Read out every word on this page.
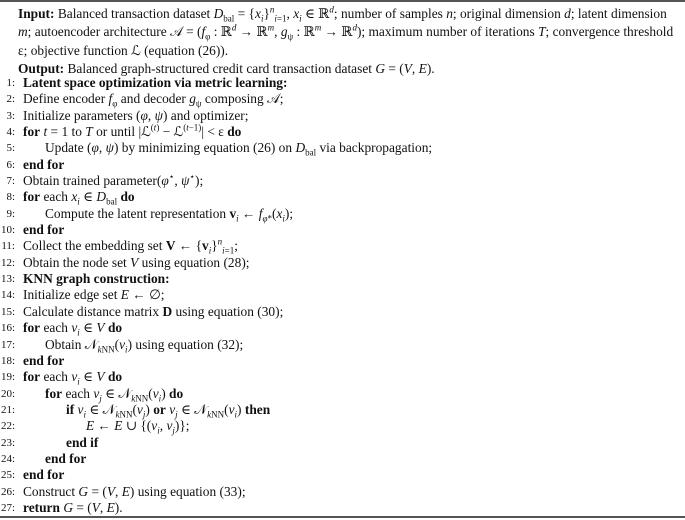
Input: Balanced transaction dataset $D_{bal} = \{x_i\}^n_{i=1}$, $x_i$ ∈ ℝ$^d$; number of samples n; original dimension d; latent dimension m; autoencoder architecture 𝒜 = ($f_\varphi$ : ℝ$^d$ → ℝ$^m$, $g_\psi$ : ℝ$^m$ → ℝ$^d$); maximum number of iterations T; convergence threshold ε; objective function ℒ (equation (26)).

Output: Balanced graph-structured credit card transaction dataset G = (V, E).

1: Latent space optimization via metric learning:
2: Define encoder $f_\varphi$ and decoder $g_\psi$ composing 𝒜;
3: Initialize parameters (φ, ψ) and optimizer;
4: for t = 1 to T or until |ℒ$^{(t)}$ − ℒ$^{(t-1)}$| < ε do
5: Update (φ, ψ) by minimizing equation (26) on $D_{bal}$ via backpropagation;
6: end for
7: Obtain trained parameter(φ⋆, ψ⋆);
8: for each $x_i$ ∈ $D_{bal}$ do
9: Compute the latent representation $v_i$ ← $f_{\varphi*}(x_i)$;
10: end for
11: Collect the embedding set V ← $\{v_i\}^n_{i=1}$;
12: Obtain the node set V using equation (28);
13: KNN graph construction:
14: Initialize edge set E ← ∅;
15: Calculate distance matrix D using equation (30);
16: for each $v_i$ ∈ V do
17: Obtain $𝒩_{kNN}(v_i)$ using equation (32);
18: end for
19: for each $v_i$ ∈ V do
20: for each $v_j$ ∈ $𝒩_{kNN}(v_i)$ do
21:	if $v_i$ ∈ $𝒩_{kNN}(v_j)$ or $v_j$ ∈ $𝒩_{kNN}(v_i)$ then
22:	E ← E ∪ {($v_i$, $v_j$)};
23:	end if
24: end for
25: end for
26: Construct G = (V, E) using equation (33);
27: return G = (V, E).
